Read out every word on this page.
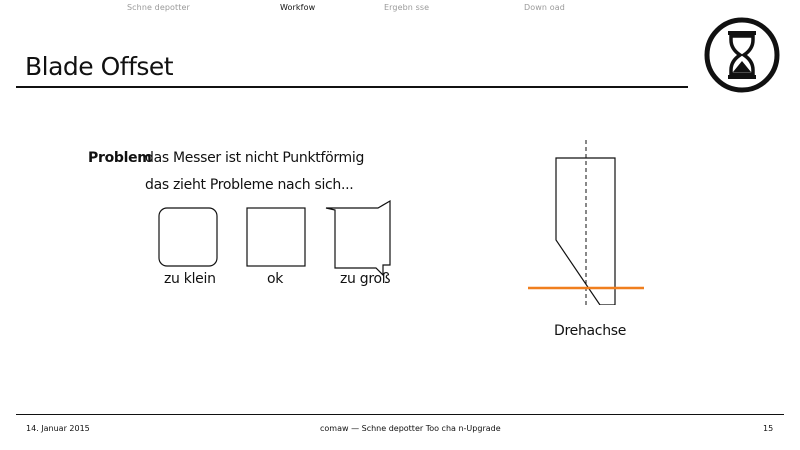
Schne depotter	Workfow	Ergebn sse	Down oad
Blade Offset
Problem
das Messer ist nicht Punktförmig
das zieht Probleme nach sich...
zu klein	ok	zu groß
Drehachse
14. Januar 2015	comaw — Schne depotter Too cha n-Upgrade	15
